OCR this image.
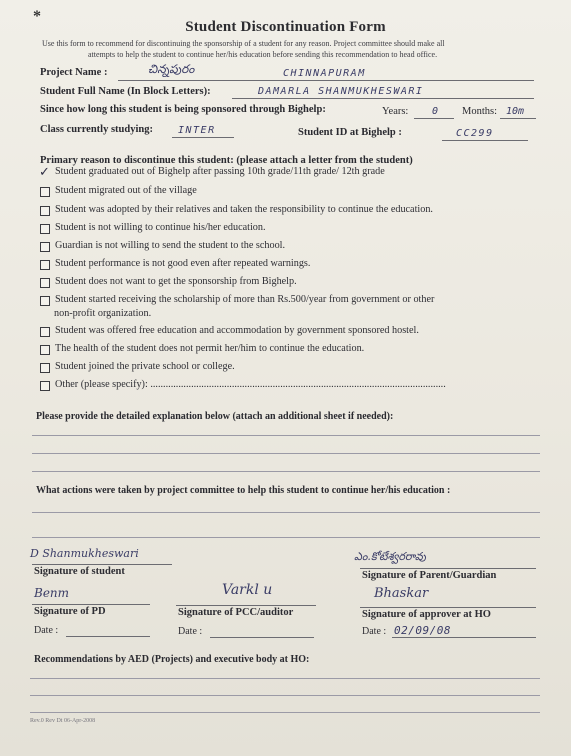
*
Student Discontinuation Form
Use this form to recommend for discontinuing the sponsorship of a student for any reason. Project committee should make all
attempts to help the student to continue her/his education before sending this recommendation to head office.
Project Name :	చిన్నపురం	CHINNAPURAM
Student Full Name (In Block Letters):	DAMARLA SHANMUKHESWARI
Since how long this student is being sponsored through Bighelp:	Years: 0 Months: 10m
Class currently studying:	INTER	Student ID at Bighelp :	CC299
Primary reason to discontinue this student: (please attach a letter from the student)
✓ Student graduated out of Bighelp after passing 10th grade/11th grade/ 12th grade
Student migrated out of the village
Student was adopted by their relatives and taken the responsibility to continue the education.
Student is not willing to continue his/her education.
Guardian is not willing to send the student to the school.
Student performance is not good even after repeated warnings.
Student does not want to get the sponsorship from Bighelp.
Student started receiving the scholarship of more than Rs.500/year from government or other
Student was offered free education and accommodation by government sponsored hostel.
The health of the student does not permit her/him to continue the education.
Student joined the private school or college.
Other (please specify): ....................................................................................................................
non-profit organization.
Please provide the detailed explanation below (attach an additional sheet if needed):
What actions were taken by project committee to help this student to continue her/his education :
D Shanmukheswari
Signature of student
ఎం.కోటేశ్వరరావు
Signature of Parent/Guardian
Benm
Signature of PD
Date :
Varkl u
Signature of PCC/auditor
Date :
Bhaskar
Signature of approver at HO
Date : 02/09/08
Recommendations by AED (Projects) and executive body at HO:
Rev.0 Rev Dt 06-Apr-2008
